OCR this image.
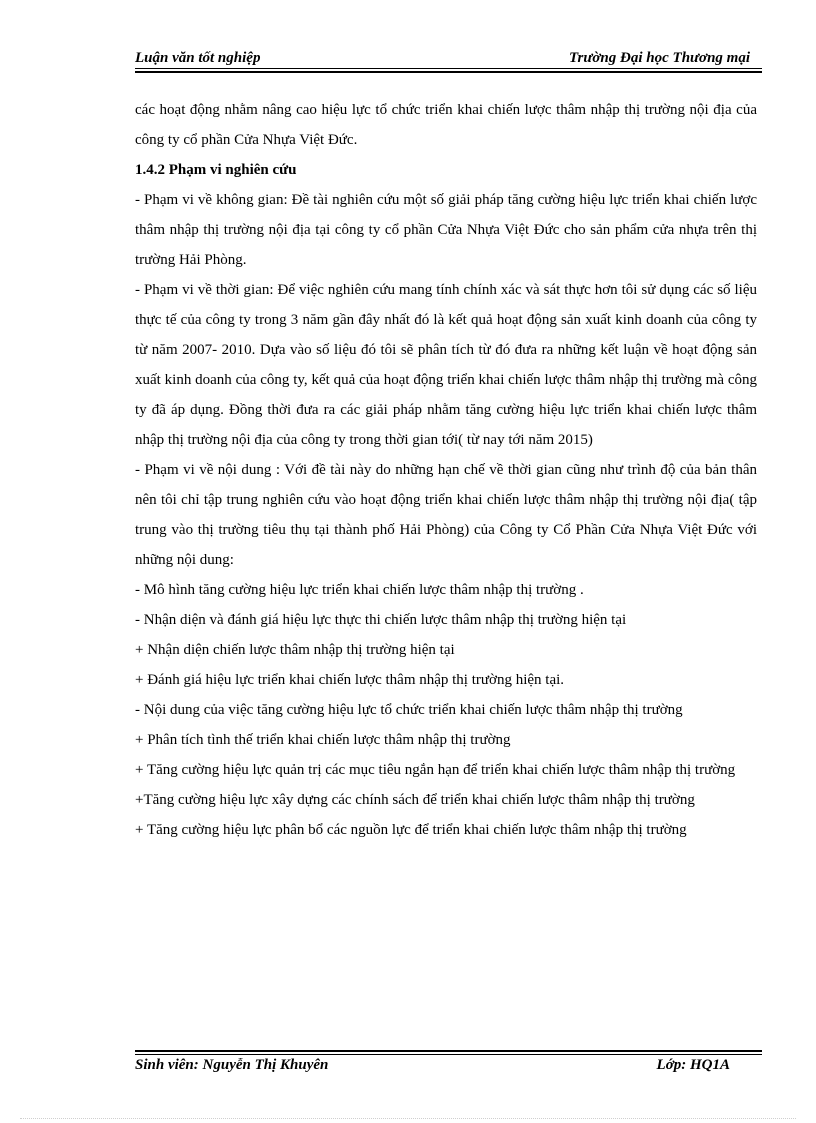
Luận văn tốt nghiệp	Trường Đại học Thương mại

các hoạt động nhằm nâng cao hiệu lực tổ chức triển khai chiến lược thâm nhập thị trường nội địa của công ty cổ phần Cửa Nhựa Việt Đức.

1.4.2 Phạm vi nghiên cứu

- Phạm vi về không gian: Đề tài nghiên cứu một số giải pháp tăng cường hiệu lực triển khai chiến lược thâm nhập thị trường nội địa tại công ty cổ phần Cửa Nhựa Việt Đức cho sản phẩm cửa nhựa trên thị trường Hải Phòng.

- Phạm vi về thời gian: Để việc nghiên cứu mang tính chính xác và sát thực hơn tôi sử dụng các số liệu thực tế của công ty trong 3 năm gần đây nhất đó là kết quả hoạt động sản xuất kinh doanh của công ty từ năm 2007- 2010. Dựa vào số liệu đó tôi sẽ phân tích từ đó đưa ra những kết luận về hoạt động sản xuất kinh doanh của công ty, kết quả của hoạt động triển khai chiến lược thâm nhập thị trường mà công ty đã áp dụng. Đồng thời đưa ra các giải pháp nhằm tăng cường hiệu lực triển khai chiến lược thâm nhập thị trường nội địa của công ty trong thời gian tới( từ nay tới năm 2015)

- Phạm vi về nội dung : Với đề tài này do những hạn chế về thời gian cũng như trình độ của bản thân nên tôi chỉ tập trung nghiên cứu vào hoạt động triển khai chiến lược thâm nhập thị trường nội địa( tập trung vào thị trường tiêu thụ tại thành phố Hải Phòng) của Công ty Cổ Phần Cửa Nhựa Việt Đức với những nội dung:

- Mô hình tăng cường hiệu lực triển khai chiến lược thâm nhập thị trường .

- Nhận diện và đánh giá hiệu lực thực thi chiến lược thâm nhập thị trường hiện tại

+ Nhận diện chiến lược thâm nhập thị trường hiện tại

+ Đánh giá hiệu lực triển khai chiến lược thâm nhập thị trường hiện tại.

- Nội dung của việc tăng cường hiệu lực tổ chức triển khai chiến lược thâm nhập thị trường

+ Phân tích tình thế triển khai chiến lược thâm nhập thị trường

+ Tăng cường hiệu lực quản trị các mục tiêu ngắn hạn để triển khai chiến lược thâm nhập thị trường

+Tăng cường hiệu lực xây dựng các chính sách để triển khai chiến lược thâm nhập thị trường

+ Tăng cường hiệu lực phân bổ các nguồn lực để triển khai chiến lược thâm nhập thị trường

Sinh viên: Nguyễn Thị Khuyên	Lớp: HQ1A
